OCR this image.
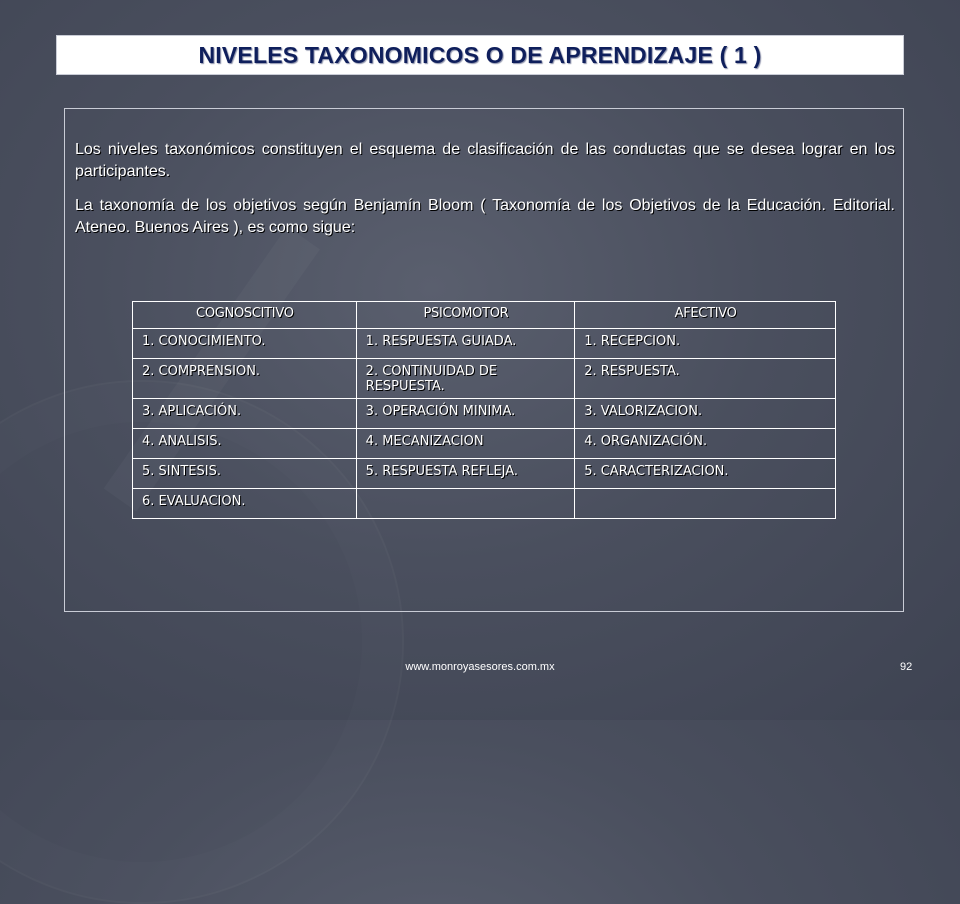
NIVELES TAXONOMICOS O DE APRENDIZAJE ( 1 )

Los niveles taxonómicos constituyen el esquema de clasificación de las conductas que se desea lograr en los participantes.

La taxonomía de los objetivos según Benjamín Bloom ( Taxonomía de los Objetivos de la Educación. Editorial. Ateneo. Buenos Aires ), es como sigue:

COGNOSCITIVO	PSICOMOTOR	AFECTIVO
1. CONOCIMIENTO.	1. RESPUESTA GUIADA.	1. RECEPCION.
2. COMPRENSION.	2. CONTINUIDAD DE RESPUESTA.	2. RESPUESTA.
3. APLICACIÓN.	3. OPERACIÓN MINIMA.	3. VALORIZACION.
4. ANALISIS.	4. MECANIZACION	4. ORGANIZACIÓN.
5. SINTESIS.	5. RESPUESTA REFLEJA.	5. CARACTERIZACION.
6. EVALUACION.		
www.monroyasesores.com.mx	92
